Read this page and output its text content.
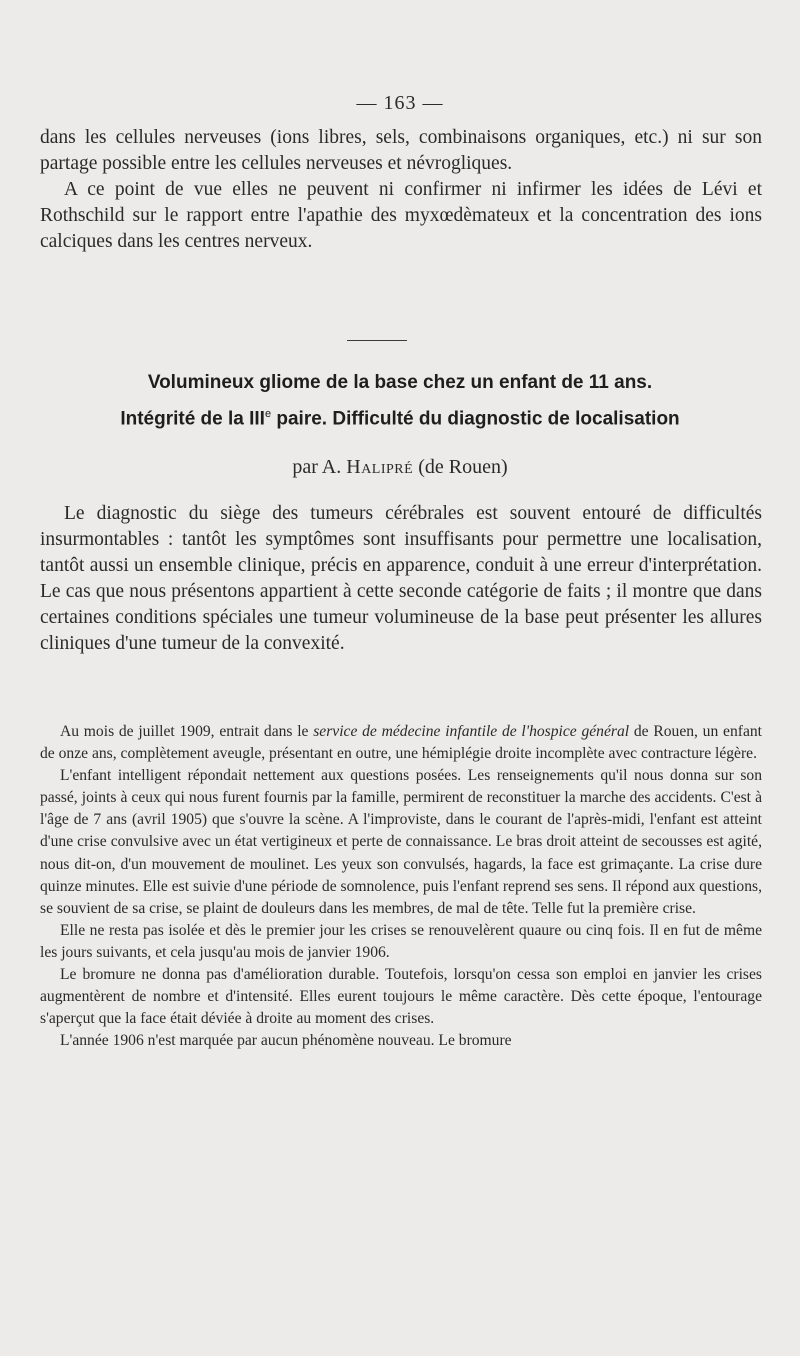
— 163 —

dans les cellules nerveuses (ions libres, sels, combinaisons organiques, etc.) ni sur son partage possible entre les cellules nerveuses et névrogliques.

A ce point de vue elles ne peuvent ni confirmer ni infirmer les idées de Lévi et Rothschild sur le rapport entre l'apathie des myxœdèmateux et la concentration des ions calciques dans les centres nerveux.

Volumineux gliome de la base chez un enfant de 11 ans.
Intégrité de la IIIe paire. Difficulté du diagnostic de localisation
par A. Halipré (de Rouen)

Le diagnostic du siège des tumeurs cérébrales est souvent entouré de difficultés insurmontables : tantôt les symptômes sont insuffisants pour permettre une localisation, tantôt aussi un ensemble clinique, précis en apparence, conduit à une erreur d'interprétation. Le cas que nous présentons appartient à cette seconde catégorie de faits ; il montre que dans certaines conditions spéciales une tumeur volumineuse de la base peut présenter les allures cliniques d'une tumeur de la convexité.

Au mois de juillet 1909, entrait dans le service de médecine infantile de l'hospice général de Rouen, un enfant de onze ans, complètement aveugle, présentant en outre, une hémiplégie droite incomplète avec contracture légère.

L'enfant intelligent répondait nettement aux questions posées. Les renseignements qu'il nous donna sur son passé, joints à ceux qui nous furent fournis par la famille, permirent de reconstituer la marche des accidents. C'est à l'âge de 7 ans (avril 1905) que s'ouvre la scène. A l'improviste, dans le courant de l'après-midi, l'enfant est atteint d'une crise convulsive avec un état vertigineux et perte de connaissance. Le bras droit atteint de secousses est agité, nous dit-on, d'un mouvement de moulinet. Les yeux son convulsés, hagards, la face est grimaçante. La crise dure quinze minutes. Elle est suivie d'une période de somnolence, puis l'enfant reprend ses sens. Il répond aux questions, se souvient de sa crise, se plaint de douleurs dans les membres, de mal de tête. Telle fut la première crise.

Elle ne resta pas isolée et dès le premier jour les crises se renouvelèrent quaure ou cinq fois. Il en fut de même les jours suivants, et cela jusqu'au mois de janvier 1906.

Le bromure ne donna pas d'amélioration durable. Toutefois, lorsqu'on cessa son emploi en janvier les crises augmentèrent de nombre et d'intensité. Elles eurent toujours le même caractère. Dès cette époque, l'entourage s'aperçut que la face était déviée à droite au moment des crises.

L'année 1906 n'est marquée par aucun phénomène nouveau. Le bromure
